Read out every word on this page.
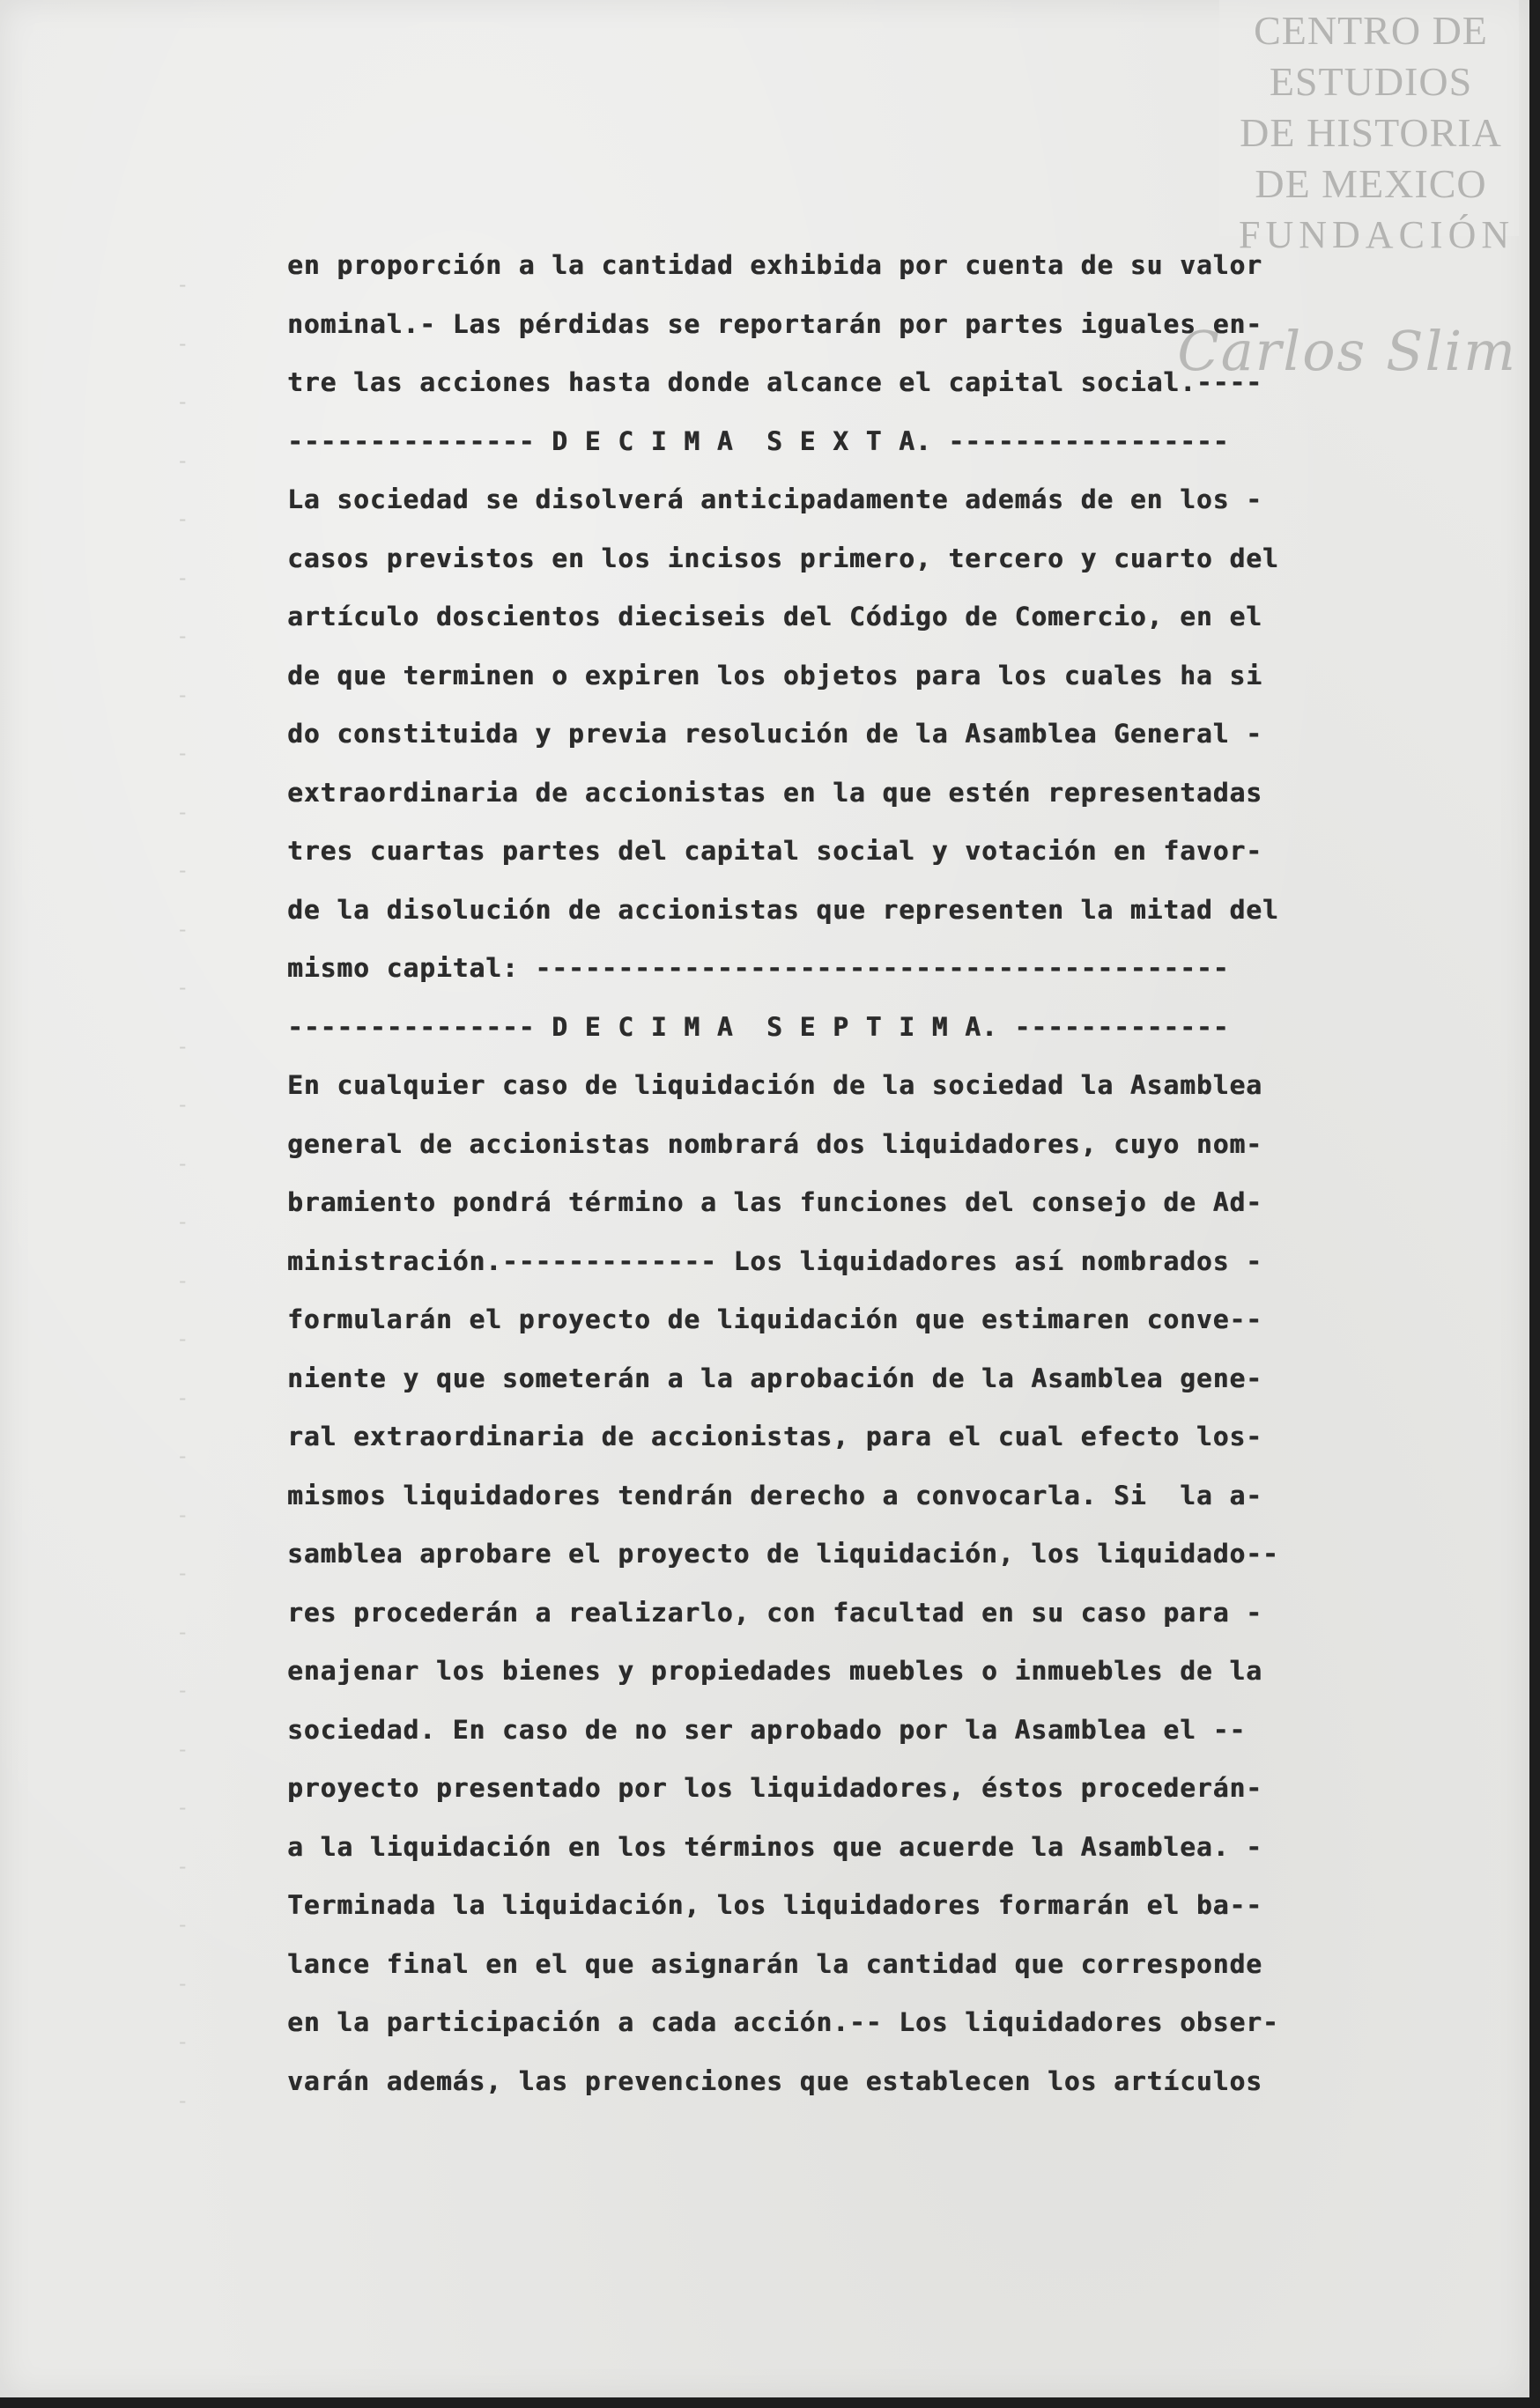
-
-
-
-
-
-
-
-
-
-
-
-
-
-
-
-
-
-
-
-
-
-
-
-
-
-
-
-
-
-
-
-
CENTRO DE
ESTUDIOS
DE HISTORIA
DE MEXICO
FUNDACIÓN
Carlos Slim
en proporción a la cantidad exhibida por cuenta de su valor
nominal.- Las pérdidas se reportarán por partes iguales en-
tre las acciones hasta donde alcance el capital social.----
--------------- D E C I M A  S E X T A. -----------------
La sociedad se disolverá anticipadamente además de en los -
casos previstos en los incisos primero, tercero y cuarto del
artículo doscientos dieciseis del Código de Comercio, en el
de que terminen o expiren los objetos para los cuales ha si
do constituida y previa resolución de la Asamblea General -
extraordinaria de accionistas en la que estén representadas
tres cuartas partes del capital social y votación en favor-
de la disolución de accionistas que representen la mitad del
mismo capital: ------------------------------------------
--------------- D E C I M A  S E P T I M A. -------------
En cualquier caso de liquidación de la sociedad la Asamblea
general de accionistas nombrará dos liquidadores, cuyo nom-
bramiento pondrá término a las funciones del consejo de Ad-
ministración.------------- Los liquidadores así nombrados -
formularán el proyecto de liquidación que estimaren conve--
niente y que someterán a la aprobación de la Asamblea gene-
ral extraordinaria de accionistas, para el cual efecto los-
mismos liquidadores tendrán derecho a convocarla. Si  la a-
samblea aprobare el proyecto de liquidación, los liquidado--
res procederán a realizarlo, con facultad en su caso para -
enajenar los bienes y propiedades muebles o inmuebles de la
sociedad. En caso de no ser aprobado por la Asamblea el --
proyecto presentado por los liquidadores, éstos procederán-
a la liquidación en los términos que acuerde la Asamblea. -
Terminada la liquidación, los liquidadores formarán el ba--
lance final en el que asignarán la cantidad que corresponde
en la participación a cada acción.-- Los liquidadores obser-
varán además, las prevenciones que establecen los artículos
